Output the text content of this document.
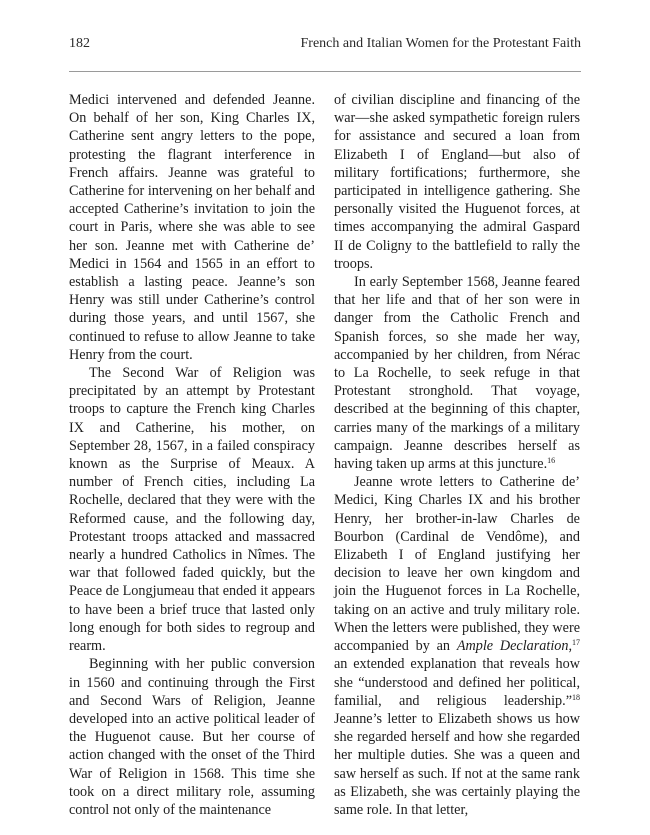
182	French and Italian Women for the Protestant Faith

Medici intervened and defended Jeanne. On behalf of her son, King Charles IX, Catherine sent angry letters to the pope, protesting the flagrant interference in French affairs. Jeanne was grateful to Catherine for intervening on her behalf and accepted Catherine’s invitation to join the court in Paris, where she was able to see her son. Jeanne met with Catherine de’ Medici in 1564 and 1565 in an effort to establish a lasting peace. Jeanne’s son Henry was still under Catherine’s control during those years, and until 1567, she continued to refuse to allow Jeanne to take Henry from the court.

The Second War of Religion was precipitated by an attempt by Protestant troops to capture the French king Charles IX and Catherine, his mother, on September 28, 1567, in a failed conspiracy known as the Surprise of Meaux. A number of French cities, including La Rochelle, declared that they were with the Reformed cause, and the following day, Protestant troops attacked and massacred nearly a hundred Catholics in Nîmes. The war that followed faded quickly, but the Peace de Longjumeau that ended it appears to have been a brief truce that lasted only long enough for both sides to regroup and rearm.

Beginning with her public conversion in 1560 and continuing through the First and Second Wars of Religion, Jeanne developed into an active political leader of the Huguenot cause. But her course of action changed with the onset of the Third War of Religion in 1568. This time she took on a direct military role, assuming control not only of the maintenance

of civilian discipline and financing of the war—she asked sympathetic foreign rulers for assistance and secured a loan from Elizabeth I of England—but also of military fortifications; furthermore, she participated in intelligence gathering. She personally visited the Huguenot forces, at times accompanying the admiral Gaspard II de Coligny to the battlefield to rally the troops.

In early September 1568, Jeanne feared that her life and that of her son were in danger from the Catholic French and Spanish forces, so she made her way, accompanied by her children, from Nérac to La Rochelle, to seek refuge in that Protestant stronghold. That voyage, described at the beginning of this chapter, carries many of the markings of a military campaign. Jeanne describes herself as having taken up arms at this juncture.$^{16}$

Jeanne wrote letters to Catherine de’ Medici, King Charles IX and his brother Henry, her brother-in-law Charles de Bourbon (Cardinal de Vendôme), and Elizabeth I of England justifying her decision to leave her own kingdom and join the Huguenot forces in La Rochelle, taking on an active and truly military role. When the letters were published, they were accompanied by an Ample Declaration,$^{17}$ an extended explanation that reveals how she “understood and defined her political, familial, and religious leadership.”$^{18}$ Jeanne’s letter to Elizabeth shows us how she regarded herself and how she regarded her multiple duties. She was a queen and saw herself as such. If not at the same rank as Elizabeth, she was certainly playing the same role. In that letter,
